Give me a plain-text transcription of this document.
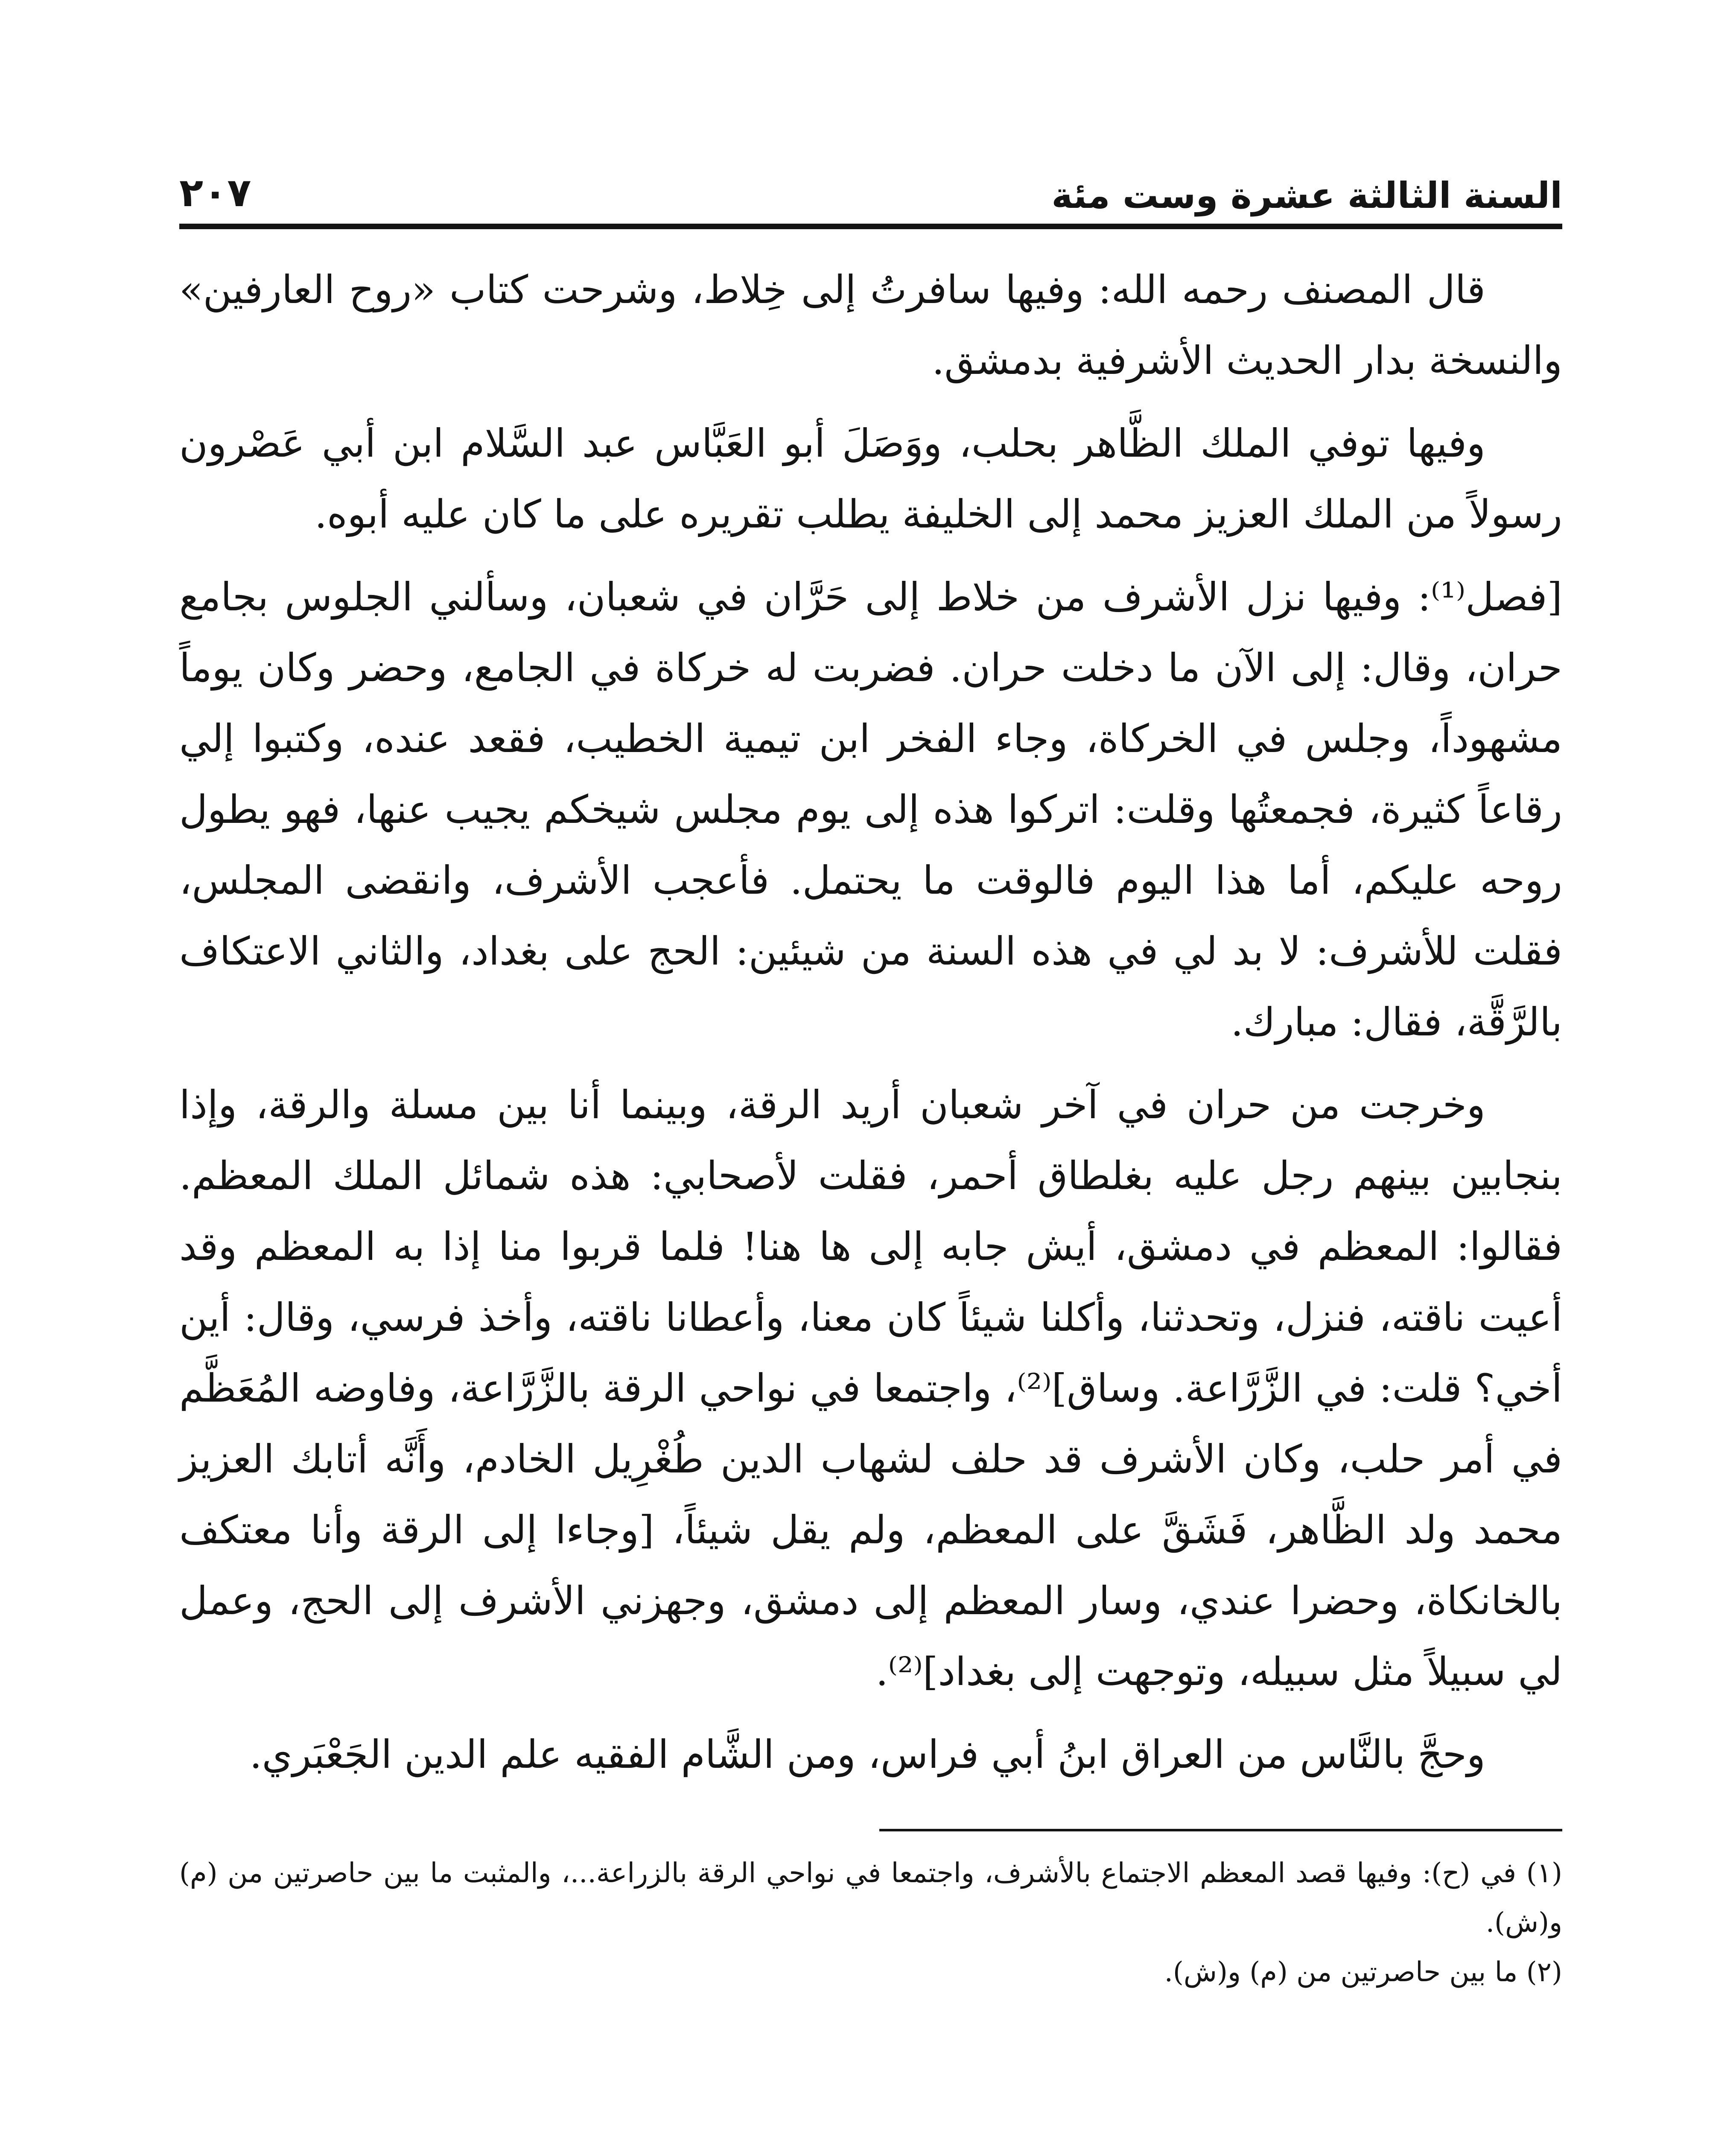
السنة الثالثة عشرة وست مئة
٢٠٧

قال المصنف رحمه الله: وفيها سافرتُ إلى خِلاط، وشرحت كتاب «روح العارفين» والنسخة بدار الحديث الأشرفية بدمشق.

وفيها توفي الملك الظَّاهر بحلب، ووَصَلَ أبو العَبَّاس عبد السَّلام ابن أبي عَصْرون رسولاً من الملك العزيز محمد إلى الخليفة يطلب تقريره على ما كان عليه أبوه.

[فصل⁽¹⁾: وفيها نزل الأشرف من خلاط إلى حَرَّان في شعبان، وسألني الجلوس بجامع حران، وقال: إلى الآن ما دخلت حران. فضربت له خركاة في الجامع، وحضر وكان يوماً مشهوداً، وجلس في الخركاة، وجاء الفخر ابن تيمية الخطيب، فقعد عنده، وكتبوا إلي رقاعاً كثيرة، فجمعتُها وقلت: اتركوا هذه إلى يوم مجلس شيخكم يجيب عنها، فهو يطول روحه عليكم، أما هذا اليوم فالوقت ما يحتمل. فأعجب الأشرف، وانقضى المجلس، فقلت للأشرف: لا بد لي في هذه السنة من شيئين: الحج على بغداد، والثاني الاعتكاف بالرَّقَّة، فقال: مبارك.

وخرجت من حران في آخر شعبان أريد الرقة، وبينما أنا بين مسلة والرقة، وإذا بنجابين بينهم رجل عليه بغلطاق أحمر، فقلت لأصحابي: هذه شمائل الملك المعظم. فقالوا: المعظم في دمشق، أيش جابه إلى ها هنا! فلما قربوا منا إذا به المعظم وقد أعيت ناقته، فنزل، وتحدثنا، وأكلنا شيئاً كان معنا، وأعطانا ناقته، وأخذ فرسي، وقال: أين أخي؟ قلت: في الزَّرَّاعة. وساق]⁽²⁾، واجتمعا في نواحي الرقة بالزَّرَّاعة، وفاوضه المُعَظَّم في أمر حلب، وكان الأشرف قد حلف لشهاب الدين طُغْرِيل الخادم، وأَنَّه أتابك العزيز محمد ولد الظَّاهر، فَشَقَّ على المعظم، ولم يقل شيئاً، [وجاءا إلى الرقة وأنا معتكف بالخانكاة، وحضرا عندي، وسار المعظم إلى دمشق، وجهزني الأشرف إلى الحج، وعمل لي سبيلاً مثل سبيله، وتوجهت إلى بغداد]⁽²⁾.

وحجَّ بالنَّاس من العراق ابنُ أبي فراس، ومن الشَّام الفقيه علم الدين الجَعْبَري.

(١) في (ح): وفيها قصد المعظم الاجتماع بالأشرف، واجتمعا في نواحي الرقة بالزراعة...، والمثبت ما بين حاصرتين من (م) و(ش).

(٢) ما بين حاصرتين من (م) و(ش).
